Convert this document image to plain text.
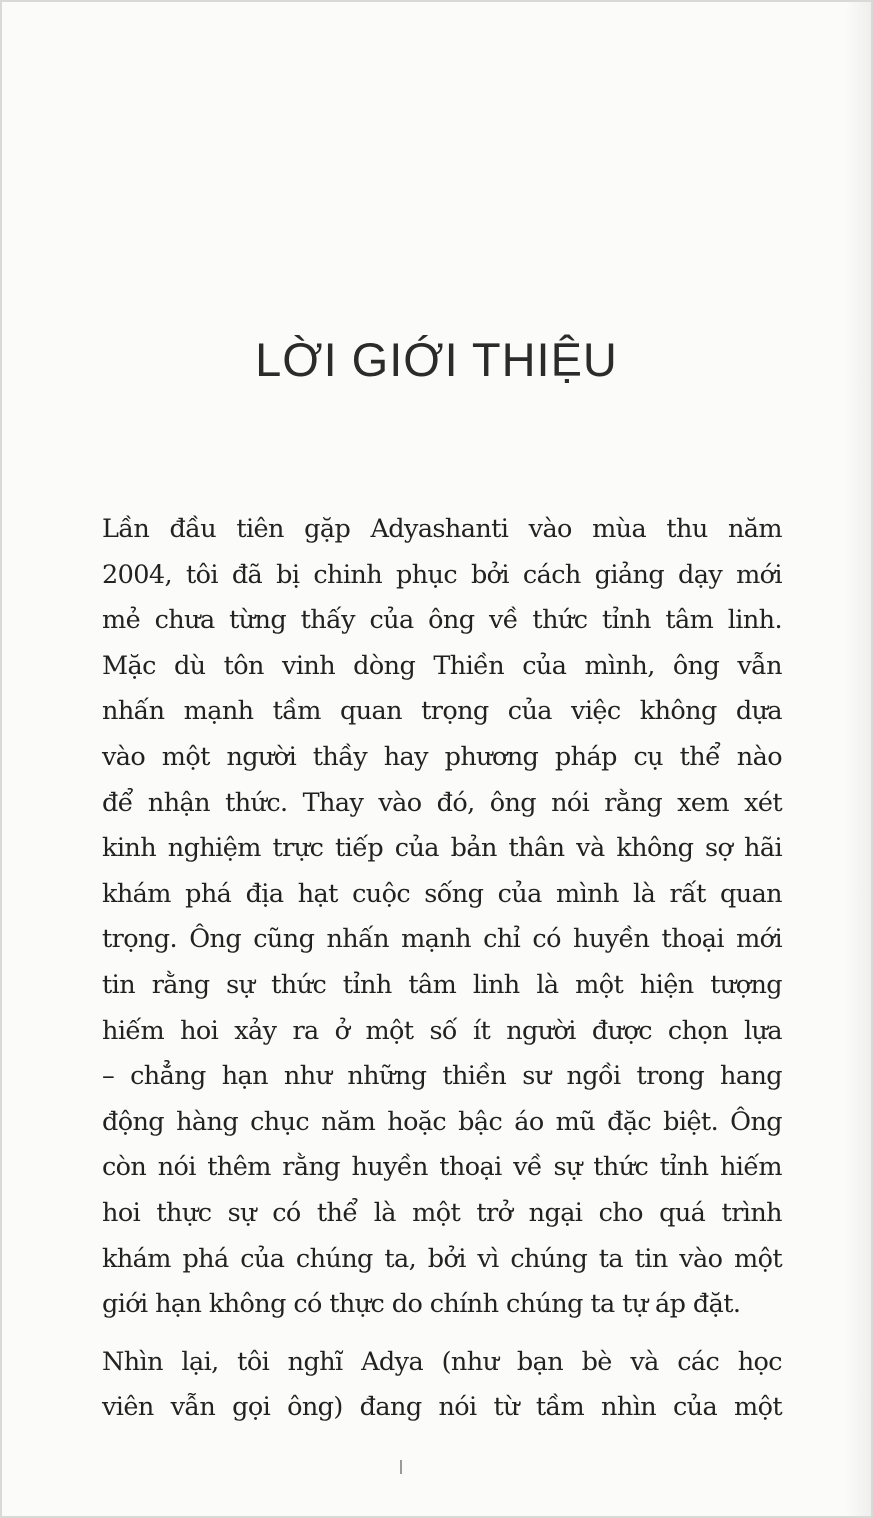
LỜI GIỚI THIỆU

Lần đầu tiên gặp Adyashanti vào mùa thu năm
2004, tôi đã bị chinh phục bởi cách giảng dạy mới
mẻ chưa từng thấy của ông về thức tỉnh tâm linh.
Mặc dù tôn vinh dòng Thiền của mình, ông vẫn
nhấn mạnh tầm quan trọng của việc không dựa
vào một người thầy hay phương pháp cụ thể nào
để nhận thức. Thay vào đó, ông nói rằng xem xét
kinh nghiệm trực tiếp của bản thân và không sợ hãi
khám phá địa hạt cuộc sống của mình là rất quan
trọng. Ông cũng nhấn mạnh chỉ có huyền thoại mới
tin rằng sự thức tỉnh tâm linh là một hiện tượng
hiếm hoi xảy ra ở một số ít người được chọn lựa
– chẳng hạn như những thiền sư ngồi trong hang
động hàng chục năm hoặc bậc áo mũ đặc biệt. Ông
còn nói thêm rằng huyền thoại về sự thức tỉnh hiếm
hoi thực sự có thể là một trở ngại cho quá trình
khám phá của chúng ta, bởi vì chúng ta tin vào một
giới hạn không có thực do chính chúng ta tự áp đặt.

Nhìn lại, tôi nghĩ Adya (như bạn bè và các học
viên vẫn gọi ông) đang nói từ tầm nhìn của một
